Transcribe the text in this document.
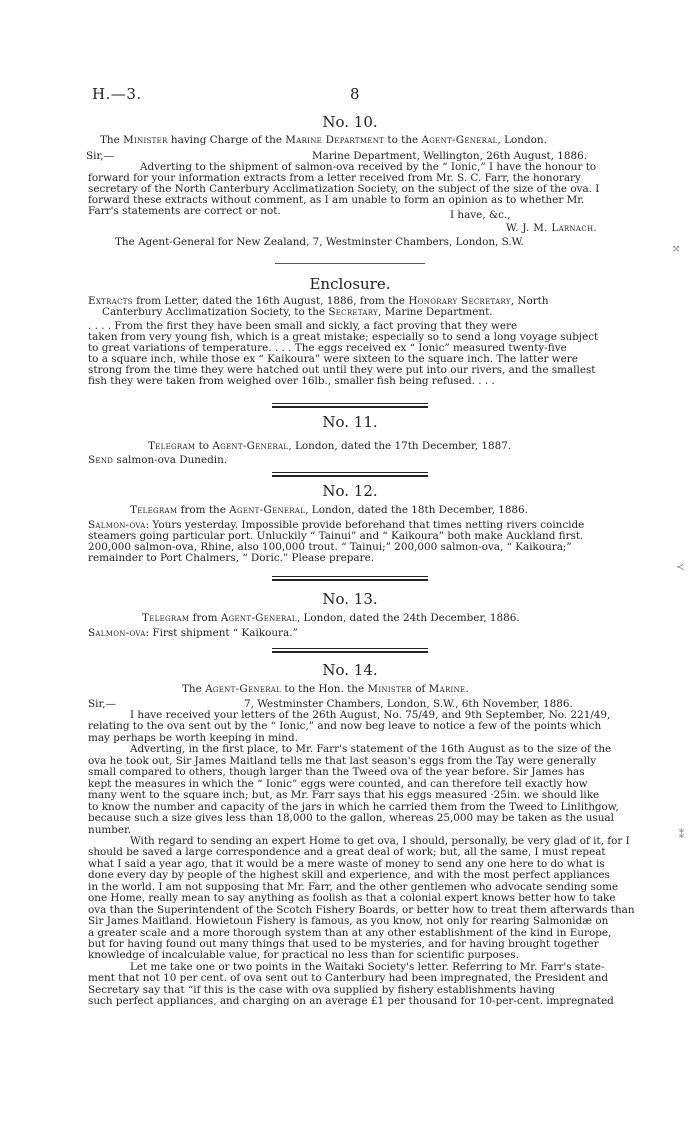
H.—3.	8
No. 10.
The Minister having Charge of the Marine Department to the Agent-General, London.
Sir,—	Marine Department, Wellington, 26th August, 1886.
Adverting to the shipment of salmon-ova received by the “ Ionic,” I have the honour to
forward for your information extracts from a letter received from Mr. S. C. Farr, the honorary
secretary of the North Canterbury Acclimatization Society, on the subject of the size of the ova. I
forward these extracts without comment, as I am unable to form an opinion as to whether Mr.
Farr's statements are correct or not.	I have, &c.,
W. J. M. Larnach.
The Agent-General for New Zealand, 7, Westminster Chambers, London, S.W.
Enclosure.
Extracts from Letter, dated the 16th August, 1886, from the Honorary Secretary, North
Canterbury Acclimatization Society, to the Secretary, Marine Department.
. . . . From the first they have been small and sickly, a fact proving that they were
taken from very young fish, which is a great mistake; especially so to send a long voyage subject
to great variations of temperature. . . . The eggs received ex “ Ionic” measured twenty-five
to a square inch, while those ex “ Kaikoura” were sixteen to the square inch. The latter were
strong from the time they were hatched out until they were put into our rivers, and the smallest
fish they were taken from weighed over 16lb., smaller fish being refused. . . .
No. 11.
Telegram to Agent-General, London, dated the 17th December, 1887.
Send salmon-ova Dunedin.
No. 12.
Telegram from the Agent-General, London, dated the 18th December, 1886.
Salmon-ova: Yours yesterday. Impossible provide beforehand that times netting rivers coincide
steamers going particular port. Unluckily “ Tainui” and “ Kaikoura” both make Auckland first.
200,000 salmon-ova, Rhine, also 100,000 trout. “ Tainui;” 200,000 salmon-ova, “ Kaikoura;”
remainder to Port Chalmers, “ Doric.” Please prepare.
No. 13.
Telegram from Agent-General, London, dated the 24th December, 1886.
Salmon-ova: First shipment “ Kaikoura.”
No. 14.
The Agent-General to the Hon. the Minister of Marine.
Sir,—	7, Westminster Chambers, London, S.W., 6th November, 1886.
I have received your letters of the 26th August, No. 75/49, and 9th September, No. 221/49,
relating to the ova sent out by the “ Ionic,” and now beg leave to notice a few of the points which
may perhaps be worth keeping in mind.
Adverting, in the first place, to Mr. Farr's statement of the 16th August as to the size of the
ova he took out, Sir James Maitland tells me that last season's eggs from the Tay were generally
small compared to others, though larger than the Tweed ova of the year before. Sir James has
kept the measures in which the “ Ionic” eggs were counted, and can therefore tell exactly how
many went to the square inch; but, as Mr. Farr says that his eggs measured ·25in. we should like
to know the number and capacity of the jars in which he carried them from the Tweed to Linlithgow,
because such a size gives less than 18,000 to the gallon, whereas 25,000 may be taken as the usual
number.
With regard to sending an expert Home to get ova, I should, personally, be very glad of it, for I
should be saved a large correspondence and a great deal of work; but, all the same, I must repeat
what I said a year ago, that it would be a mere waste of money to send any one here to do what is
done every day by people of the highest skill and experience, and with the most perfect appliances
in the world. I am not supposing that Mr. Farr, and the other gentlemen who advocate sending some
one Home, really mean to say anything as foolish as that a colonial expert knows better how to take
ova than the Superintendent of the Scotch Fishery Boards, or better how to treat them afterwards than
Sir James Maitland. Howietoun Fishery is famous, as you know, not only for rearing Salmonidæ on
a greater scale and a more thorough system than at any other establishment of the kind in Europe,
but for having found out many things that used to be mysteries, and for having brought together
knowledge of incalculable value, for practical no less than for scientific purposes.
Let me take one or two points in the Waitaki Society's letter. Referring to Mr. Farr's state-
ment that not 10 per cent. of ova sent out to Canterbury had been impregnated, the President and
Secretary say that “if this is the case with ova supplied by fishery establishments having
such perfect appliances, and charging on an average £1 per thousand for 10-per-cent. impregnated
⤲
≺
⁑
